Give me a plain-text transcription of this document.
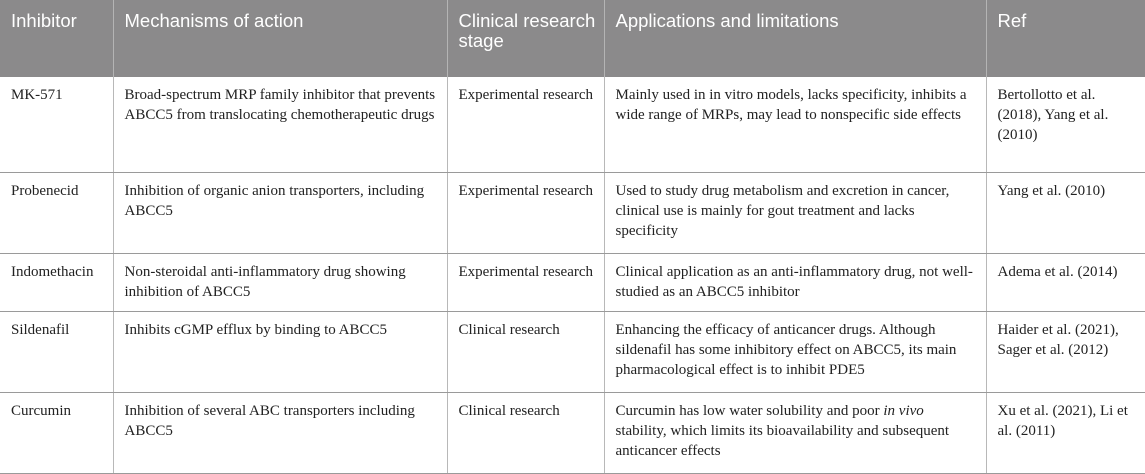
Inhibitor	Mechanisms of action	Clinical research stage	Applications and limitations	Ref
MK-571	Broad-spectrum MRP family inhibitor that prevents ABCC5 from translocating chemotherapeutic drugs	Experimental research	Mainly used in in vitro models, lacks specificity, inhibits a wide range of MRPs, may lead to nonspecific side effects	Bertollotto et al. (2018), Yang et al. (2010)
Probenecid	Inhibition of organic anion transporters, including ABCC5	Experimental research	Used to study drug metabolism and excretion in cancer, clinical use is mainly for gout treatment and lacks specificity	Yang et al. (2010)
Indomethacin	Non-steroidal anti-inflammatory drug showing inhibition of ABCC5	Experimental research	Clinical application as an anti-inflammatory drug, not well-studied as an ABCC5 inhibitor	Adema et al. (2014)
Sildenafil	Inhibits cGMP efflux by binding to ABCC5	Clinical research	Enhancing the efficacy of anticancer drugs. Although sildenafil has some inhibitory effect on ABCC5, its main pharmacological effect is to inhibit PDE5	Haider et al. (2021), Sager et al. (2012)
Curcumin	Inhibition of several ABC transporters including ABCC5	Clinical research	Curcumin has low water solubility and poor in vivo stability, which limits its bioavailability and subsequent anticancer effects	Xu et al. (2021), Li et al. (2011)
